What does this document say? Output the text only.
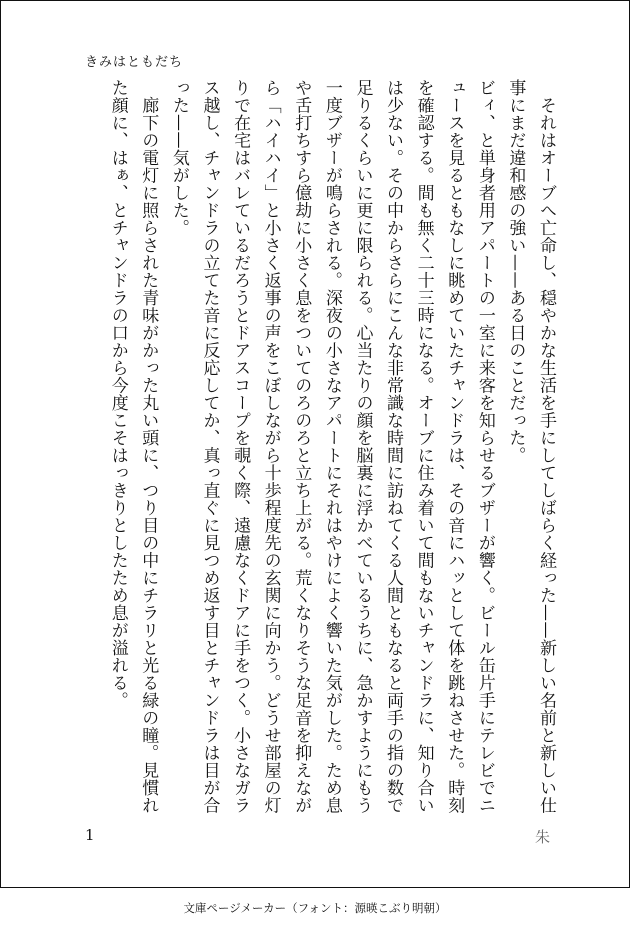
きみはともだち

　それはオーブへ亡命し、穏やかな生活を手にしてしばらく経った——新しい名前と新しい仕事にまだ違和感の強い——ある日のことだった。

ビィ、と単身者用アパートの一室に来客を知らせるブザーが響く。ビール缶片手にテレビでニュースを見るともなしに眺めていたチャンドラは、その音にハッとして体を跳ねさせた。時刻を確認する。間も無く二十三時になる。オーブに住み着いて間もないチャンドラに、知り合いは少ない。その中からさらにこんな非常識な時間に訪ねてくる人間ともなると両手の指の数で足りるくらいに更に限られる。心当たりの顔を脳裏に浮かべているうちに、急かすようにもう一度ブザーが鳴らされる。深夜の小さなアパートにそれはやけによく響いた気がした。ため息や舌打ちすら億劫に小さく息をついてのろのろと立ち上がる。荒くなりそうな足音を抑えながら「ハイハイ」と小さく返事の声をこぼしながら十歩程度先の玄関に向かう。どうせ部屋の灯りで在宅はバレているだろうとドアスコープを覗く際、遠慮なくドアに手をつく。小さなガラス越し、チャンドラの立てた音に反応してか、真っ直ぐに見つめ返す目とチャンドラは目が合った——気がした。

　廊下の電灯に照らされた青味がかった丸い頭に、つり目の中にチラリと光る緑の瞳。見慣れた顔に、はぁ、とチャンドラの口から今度こそはっきりとしたため息が溢れる。

1	朱
文庫ページメーカー（フォント：源暎こぶり明朝）
